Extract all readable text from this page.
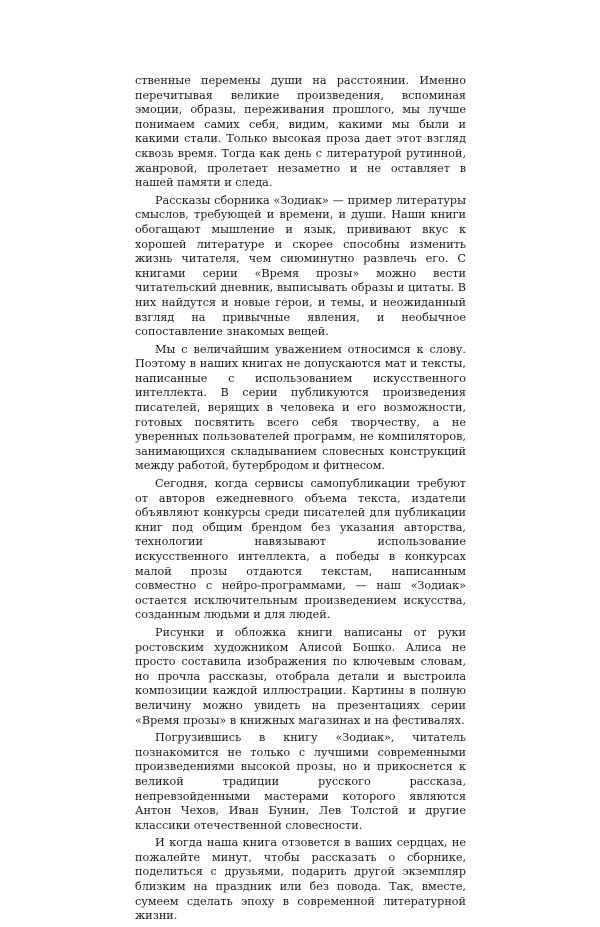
ственные перемены души на расстоянии. Именно перечитывая великие произведения, вспоминая эмоции, образы, переживания прошлого, мы лучше понимаем самих себя, видим, какими мы были и какими стали. Только высокая проза дает этот взгляд сквозь время. Тогда как день с литературой рутинной, жанровой, пролетает незаметно и не оставляет в нашей памяти и следа.

Рассказы сборника «Зодиак» — пример литературы смыслов, требующей и времени, и души. Наши книги обогащают мышление и язык, прививают вкус к хорошей литературе и скорее способны изменить жизнь читателя, чем сиюминутно развлечь его. С книгами серии «Время прозы» можно вести читательский дневник, выписывать образы и цитаты. В них найдутся и новые герои, и темы, и неожиданный взгляд на привычные явления, и необычное сопоставление знакомых вещей.

Мы с величайшим уважением относимся к слову. Поэтому в наших книгах не допускаются мат и тексты, написанные с использованием искусственного интеллекта. В серии публикуются произведения писателей, верящих в человека и его возможности, готовых посвятить всего себя творчеству, а не уверенных пользователей программ, не компиляторов, занимающихся складыванием словесных конструкций между работой, бутербродом и фитнесом.

Сегодня, когда сервисы самопубликации требуют от авторов ежедневного объема текста, издатели объявляют конкурсы среди писателей для публикации книг под общим брендом без указания авторства, технологии навязывают использование искусственного интеллекта, а победы в конкурсах малой прозы отдаются текстам, написанным совместно с нейро-программами, — наш «Зодиак» остается исключительным произведением искусства, созданным людьми и для людей.

Рисунки и обложка книги написаны от руки ростовским художником Алисой Бошко. Алиса не просто составила изображения по ключевым словам, но прочла рассказы, отобрала детали и выстроила композиции каждой иллюстрации. Картины в полную величину можно увидеть на презентациях серии «Время прозы» в книжных магазинах и на фестивалях.

Погрузившись в книгу «Зодиак», читатель познакомится не только с лучшими современными произведениями высокой прозы, но и прикоснется к великой традиции русского рассказа, непревзойденными мастерами которого являются Антон Чехов, Иван Бунин, Лев Толстой и другие классики отечественной словесности.

И когда наша книга отзовется в ваших сердцах, не пожалейте минут, чтобы рассказать о сборнике, поделиться с друзьями, подарить другой экземпляр близким на праздник или без повода. Так, вместе, сумеем сделать эпоху в современной литературной жизни.
